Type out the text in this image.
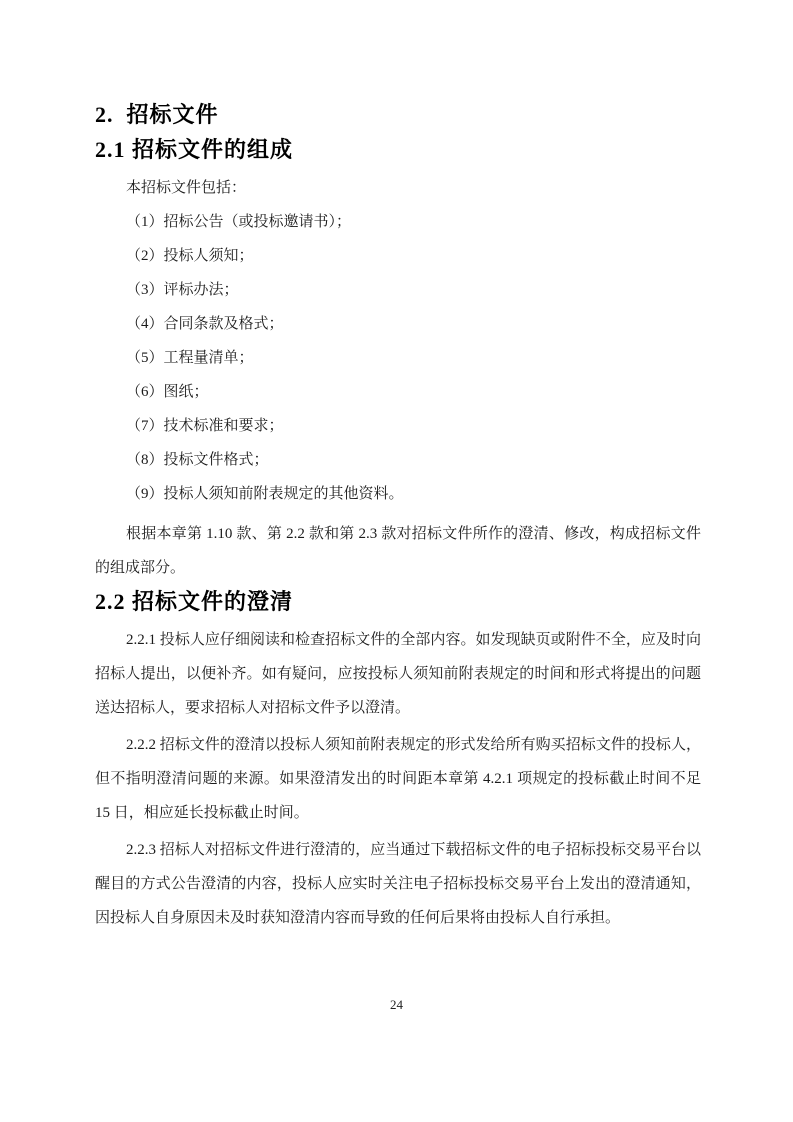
2.  招标文件
2.1 招标文件的组成

本招标文件包括：

（1）招标公告（或投标邀请书）；

（2）投标人须知；

（3）评标办法；

（4）合同条款及格式；

（5）工程量清单；

（6）图纸；

（7）技术标准和要求；

（8）投标文件格式；

（9）投标人须知前附表规定的其他资料。

根据本章第 1.10 款、第 2.2 款和第 2.3 款对招标文件所作的澄清、修改，构成招标文件的组成部分。

2.2 招标文件的澄清

2.2.1 投标人应仔细阅读和检查招标文件的全部内容。如发现缺页或附件不全，应及时向招标人提出，以便补齐。如有疑问，应按投标人须知前附表规定的时间和形式将提出的问题送达招标人，要求招标人对招标文件予以澄清。

2.2.2 招标文件的澄清以投标人须知前附表规定的形式发给所有购买招标文件的投标人，但不指明澄清问题的来源。如果澄清发出的时间距本章第 4.2.1 项规定的投标截止时间不足 15 日，相应延长投标截止时间。

2.2.3 招标人对招标文件进行澄清的，应当通过下载招标文件的电子招标投标交易平台以醒目的方式公告澄清的内容，投标人应实时关注电子招标投标交易平台上发出的澄清通知，因投标人自身原因未及时获知澄清内容而导致的任何后果将由投标人自行承担。

24
